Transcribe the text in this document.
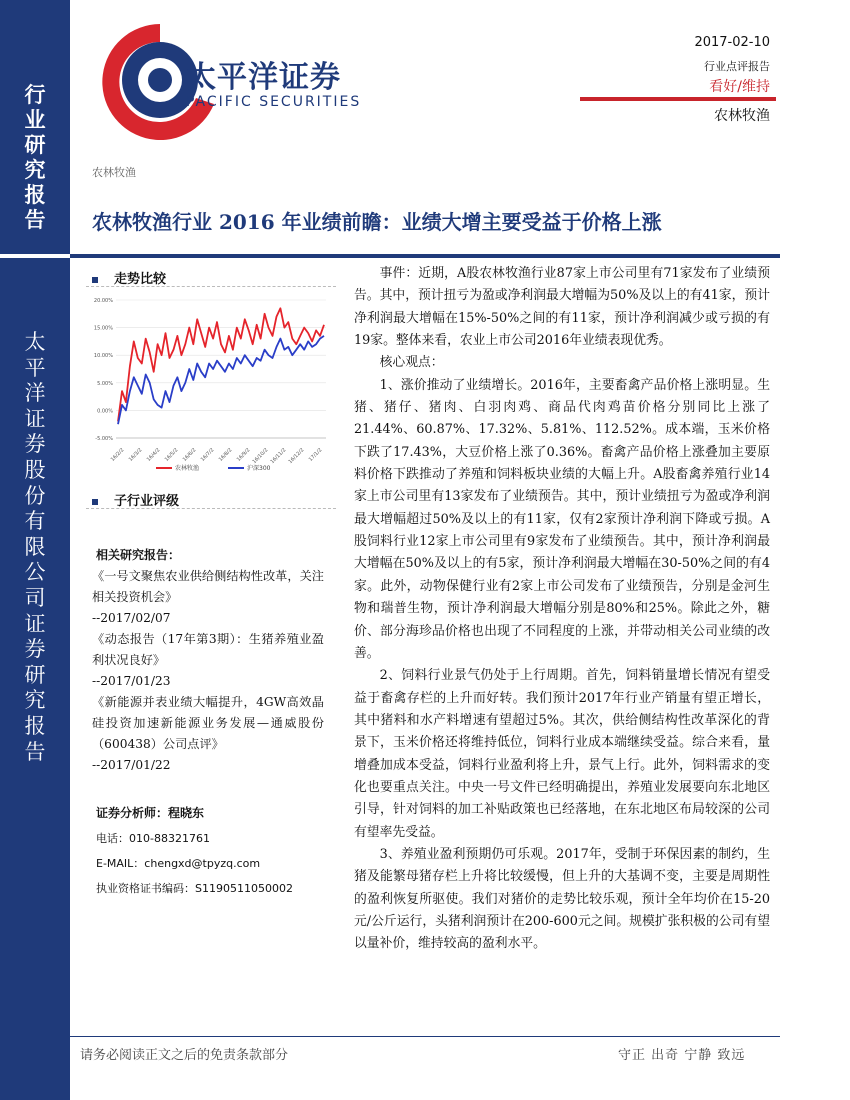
行
业
研
究
报
告
太
平
洋
证
券
股
份
有
限
公
司
证
券
研
究
报
告
太平洋证券
PACIFIC SECURITIES
2017-02-10
行业点评报告
看好/维持
农林牧渔
农林牧渔
农林牧渔行业 2016 年业绩前瞻：业绩大增主要受益于价格上涨
走势比较
20.00%
15.00%
10.00%
5.00%
0.00%
-5.00%
16/2/2 16/3/2 16/4/2 16/5/2 16/6/2 16/7/2 16/8/2 16/9/2 16/10/2 16/11/2 16/12/2 17/1/2
农林牧渔	沪深300
子行业评级
相关研究报告：

《一号文聚焦农业供给侧结构性改革，关注相关投资机会》

--2017/02/07

《动态报告（17年第3期）：生猪养殖业盈利状况良好》

--2017/01/23

《新能源并表业绩大幅提升，4GW高效晶硅投资加速新能源业务发展—通威股份（600438）公司点评》

--2017/01/22

证券分析师：程晓东
电话：010-88321761
E-MAIL：chengxd@tpyzq.com
执业资格证书编码：S1190511050002

事件：近期，A股农林牧渔行业87家上市公司里有71家发布了业绩预告。其中，预计扭亏为盈或净利润最大增幅为50%及以上的有41家，预计净利润最大增幅在15%-50%之间的有11家，预计净利润减少或亏损的有19家。整体来看，农业上市公司2016年业绩表现优秀。

核心观点：

1、涨价推动了业绩增长。2016年，主要畜禽产品价格上涨明显。生猪、猪仔、猪肉、白羽肉鸡、商品代肉鸡苗价格分别同比上涨了 21.44%、60.87%、17.32%、5.81%、112.52%。成本端，玉米价格下跌了17.43%，大豆价格上涨了0.36%。畜禽产品价格上涨叠加主要原料价格下跌推动了养殖和饲料板块业绩的大幅上升。A股畜禽养殖行业14家上市公司里有13家发布了业绩预告。其中，预计业绩扭亏为盈或净利润最大增幅超过50%及以上的有11家，仅有2家预计净利润下降或亏损。A股饲料行业12家上市公司里有9家发布了业绩预告。其中，预计净利润最大增幅在50%及以上的有5家，预计净利润最大增幅在30-50%之间的有4家。此外，动物保健行业有2家上市公司发布了业绩预告，分别是金河生物和瑞普生物，预计净利润最大增幅分别是80%和25%。除此之外，糖价、部分海珍品价格也出现了不同程度的上涨，并带动相关公司业绩的改善。

2、饲料行业景气仍处于上行周期。首先，饲料销量增长情况有望受益于畜禽存栏的上升而好转。我们预计2017年行业产销量有望正增长，其中猪料和水产料增速有望超过5%。其次，供给侧结构性改革深化的背景下，玉米价格还将维持低位，饲料行业成本端继续受益。综合来看，量增叠加成本受益，饲料行业盈利将上升，景气上行。此外，饲料需求的变化也要重点关注。中央一号文件已经明确提出，养殖业发展要向东北地区引导，针对饲料的加工补贴政策也已经落地，在东北地区布局较深的公司有望率先受益。

3、养殖业盈利预期仍可乐观。2017年，受制于环保因素的制约，生猪及能繁母猪存栏上升将比较缓慢，但上升的大基调不变，主要是周期性的盈利恢复所驱使。我们对猪价的走势比较乐观，预计全年均价在15-20元/公斤运行，头猪利润预计在200-600元之间。规模扩张积极的公司有望以量补价，维持较高的盈利水平。

请务必阅读正文之后的免责条款部分	守正 出奇 宁静 致远
